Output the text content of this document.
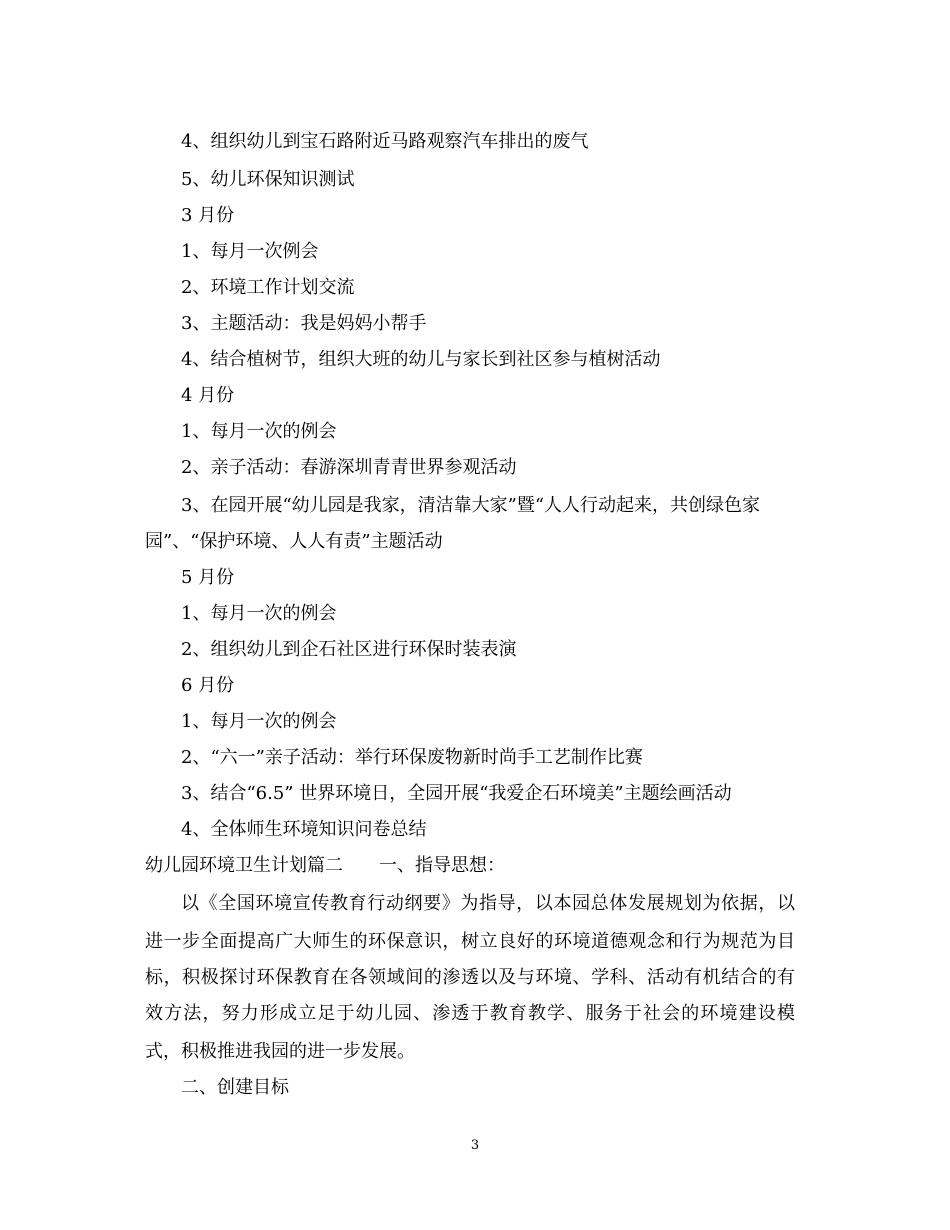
4、组织幼儿到宝石路附近马路观察汽车排出的废气
5、幼儿环保知识测试
3 月份
1、每月一次例会
2、环境工作计划交流
3、主题活动：我是妈妈小帮手
4、结合植树节，组织大班的幼儿与家长到社区参与植树活动
4 月份
1、每月一次的例会
2、亲子活动：春游深圳青青世界参观活动
3、在园开展“幼儿园是我家，清洁靠大家”暨“人人行动起来，共创绿色家
园”、“保护环境、人人有责”主题活动
5 月份
1、每月一次的例会
2、组织幼儿到企石社区进行环保时装表演
6 月份
1、每月一次的例会
2、“六一”亲子活动：举行环保废物新时尚手工艺制作比赛
3、结合“6.5” 世界环境日，全园开展“我爱企石环境美”主题绘画活动
4、全体师生环境知识问卷总结
幼儿园环境卫生计划篇二　　一、指导思想：
以《全国环境宣传教育行动纲要》为指导，以本园总体发展规划为依据，以
进一步全面提高广大师生的环保意识，树立良好的环境道德观念和行为规范为目
标，积极探讨环保教育在各领域间的渗透以及与环境、学科、活动有机结合的有
效方法，努力形成立足于幼儿园、渗透于教育教学、服务于社会的环境建设模
式，积极推进我园的进一步发展。
二、创建目标
3
